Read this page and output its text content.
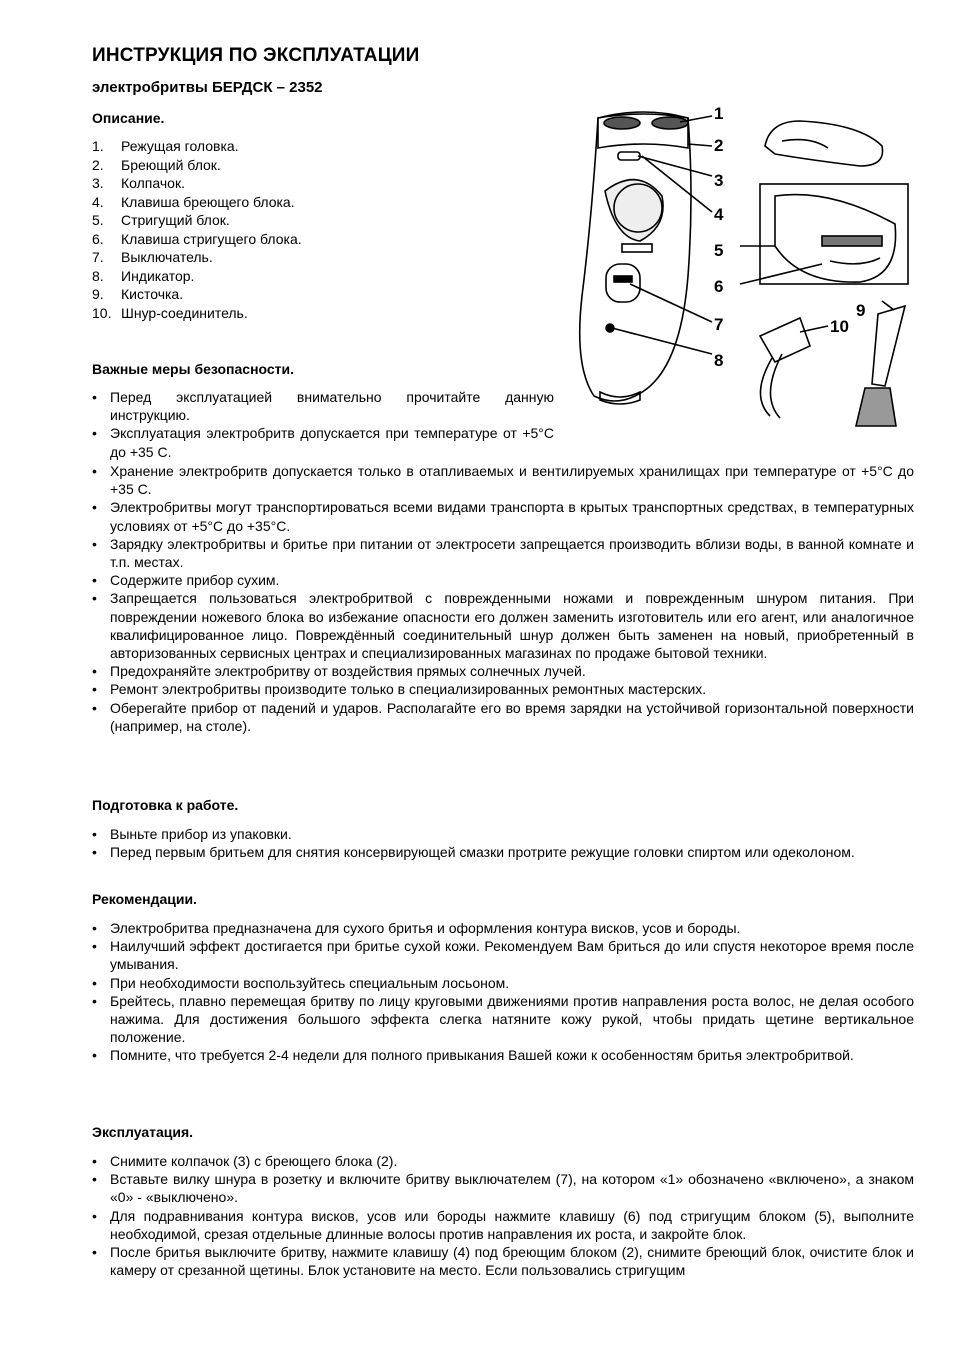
ИНСТРУКЦИЯ ПО ЭКСПЛУАТАЦИИ
электробритвы БЕРДСК – 2352
Описание.
1. Режущая головка.
2. Бреющий блок.
3. Колпачок.
4. Клавиша бреющего блока.
5. Стригущий блок.
6. Клавиша стригущего блока.
7. Выключатель.
8. Индикатор.
9. Кисточка.
10. Шнур-соединитель.
1
2
3
4
5
6
7
8
9
10
Важные меры безопасности.
• Перед эксплуатацией внимательно прочитайте данную инструкцию.
• Эксплуатация электробритв допускается при температуре от +5°С до +35 С.
• Хранение электробритв допускается только в отапливаемых и вентилируемых хранилищах при температуре от +5°С до +35 С.
• Электробритвы могут транспортироваться всеми видами транспорта в крытых транспортных средствах, в температурных условиях от +5°С до +35°С.
• Зарядку электробритвы и бритье при питании от электросети запрещается производить вблизи воды, в ванной комнате и т.п. местах.
• Содержите прибор сухим.
• Запрещается пользоваться электробритвой с поврежденными ножами и поврежденным шнуром питания. При повреждении ножевого блока во избежание опасности его должен заменить изготовитель или его агент, или аналогичное квалифицированное лицо. Повреждённый соединительный шнур должен быть заменен на новый, приобретенный в авторизованных сервисных центрах и специализированных магазинах по продаже бытовой техники.
• Предохраняйте электробритву от воздействия прямых солнечных лучей.
• Ремонт электробритвы производите только в специализированных ремонтных мастерских.
• Оберегайте прибор от падений и ударов. Располагайте его во время зарядки на устойчивой горизонтальной поверхности (например, на столе).
Подготовка к работе.
• Выньте прибор из упаковки.
• Перед первым бритьем для снятия консервирующей смазки протрите режущие головки спиртом или одеколоном.
Рекомендации.
• Электробритва предназначена для сухого бритья и оформления контура висков, усов и бороды.
• Наилучший эффект достигается при бритье сухой кожи. Рекомендуем Вам бриться до или спустя некоторое время после умывания.
• При необходимости воспользуйтесь специальным лосьоном.
• Брейтесь, плавно перемещая бритву по лицу круговыми движениями против направления роста волос, не делая особого нажима. Для достижения большого эффекта слегка натяните кожу рукой, чтобы придать щетине вертикальное положение.
• Помните, что требуется 2-4 недели для полного привыкания Вашей кожи к особенностям бритья электробритвой.
Эксплуатация.
• Снимите колпачок (3) с бреющего блока (2).
• Вставьте вилку шнура в розетку и включите бритву выключателем (7), на котором «1» обозначено «включено», а знаком «0» - «выключено».
• Для подравнивания контура висков, усов или бороды нажмите клавишу (6) под стригущим блоком (5), выполните необходимой, срезая отдельные длинные волосы против направления их роста, и закройте блок.
• После бритья выключите бритву, нажмите клавишу (4) под бреющим блоком (2), снимите бреющий блок, очистите блок и камеру от срезанной щетины. Блок установите на место. Если пользовались стригущим
